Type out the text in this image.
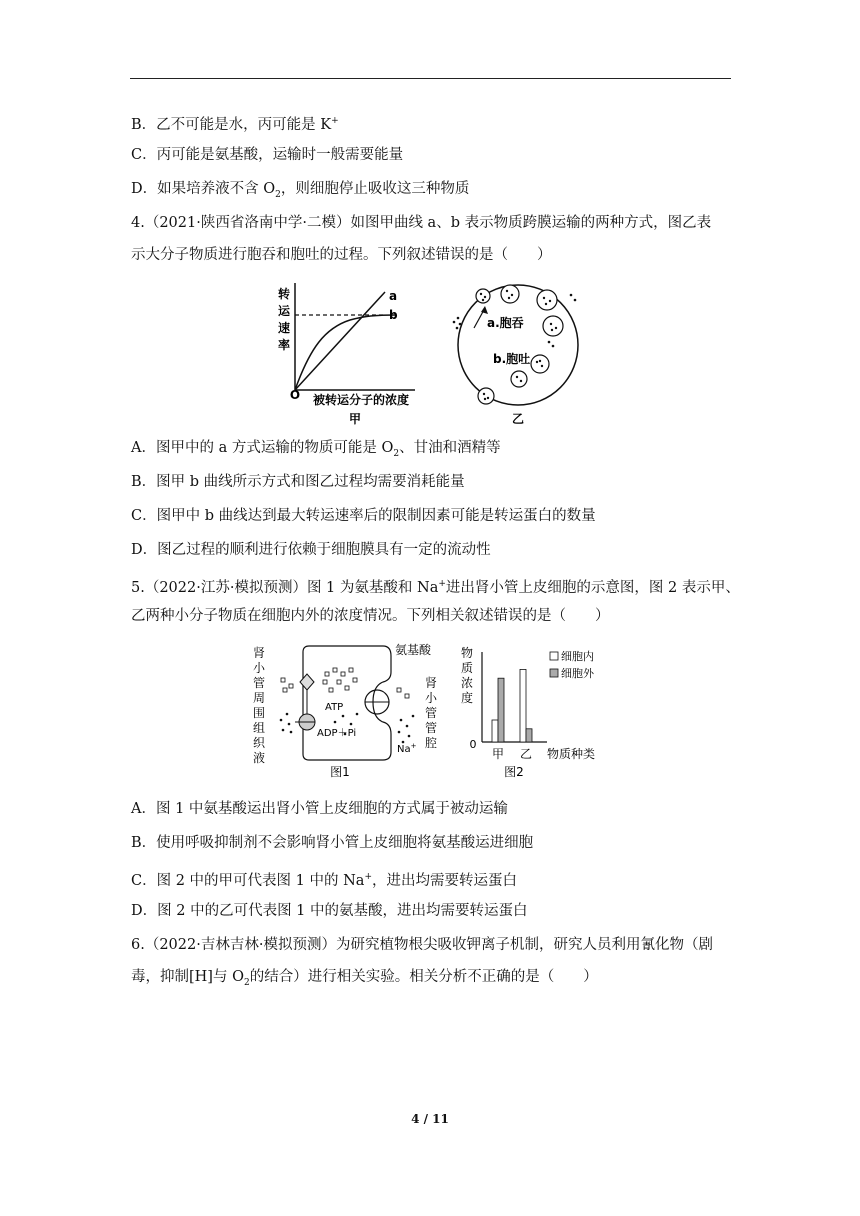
B．乙不可能是水，丙可能是 K+
C．丙可能是氨基酸，运输时一般需要能量
D．如果培养液不含 $O_2$，则细胞停止吸收这三种物质
4.（2021·陕西省洛南中学·二模）如图甲曲线 a、b 表示物质跨膜运输的两种方式，图乙表
示大分子物质进行胞吞和胞吐的过程。下列叙述错误的是（　　）
转
运
速
率
O 被转运分子的浓度
甲
a
b
a.胞吞
b.胞吐
乙
A．图甲中的 a 方式运输的物质可能是 $O_2$、甘油和酒精等
B．图甲 b 曲线所示方式和图乙过程均需要消耗能量
C．图甲中 b 曲线达到最大转运速率后的限制因素可能是转运蛋白的数量
D．图乙过程的顺利进行依赖于细胞膜具有一定的流动性
5.（2022·江苏·模拟预测）图 1 为氨基酸和 Na+进出肾小管上皮细胞的示意图，图 2 表示甲、
乙两种小分子物质在细胞内外的浓度情况。下列相关叙述错误的是（　　）
肾
小
管
周
围
组
织
液
ATP
ADP＋Pi
氨基酸
Na+
肾
小
管
管
腔
图1
物
质
浓
度
0
细胞内
细胞外
甲 乙 物质种类
图2
A．图 1 中氨基酸运出肾小管上皮细胞的方式属于被动运输
B．使用呼吸抑制剂不会影响肾小管上皮细胞将氨基酸运进细胞
C．图 2 中的甲可代表图 1 中的 Na+，进出均需要转运蛋白
D．图 2 中的乙可代表图 1 中的氨基酸，进出均需要转运蛋白
6.（2022·吉林吉林·模拟预测）为研究植物根尖吸收钾离子机制，研究人员利用氰化物（剧
毒，抑制[H]与 $O_2$的结合）进行相关实验。相关分析不正确的是（　　）
4 / 11
